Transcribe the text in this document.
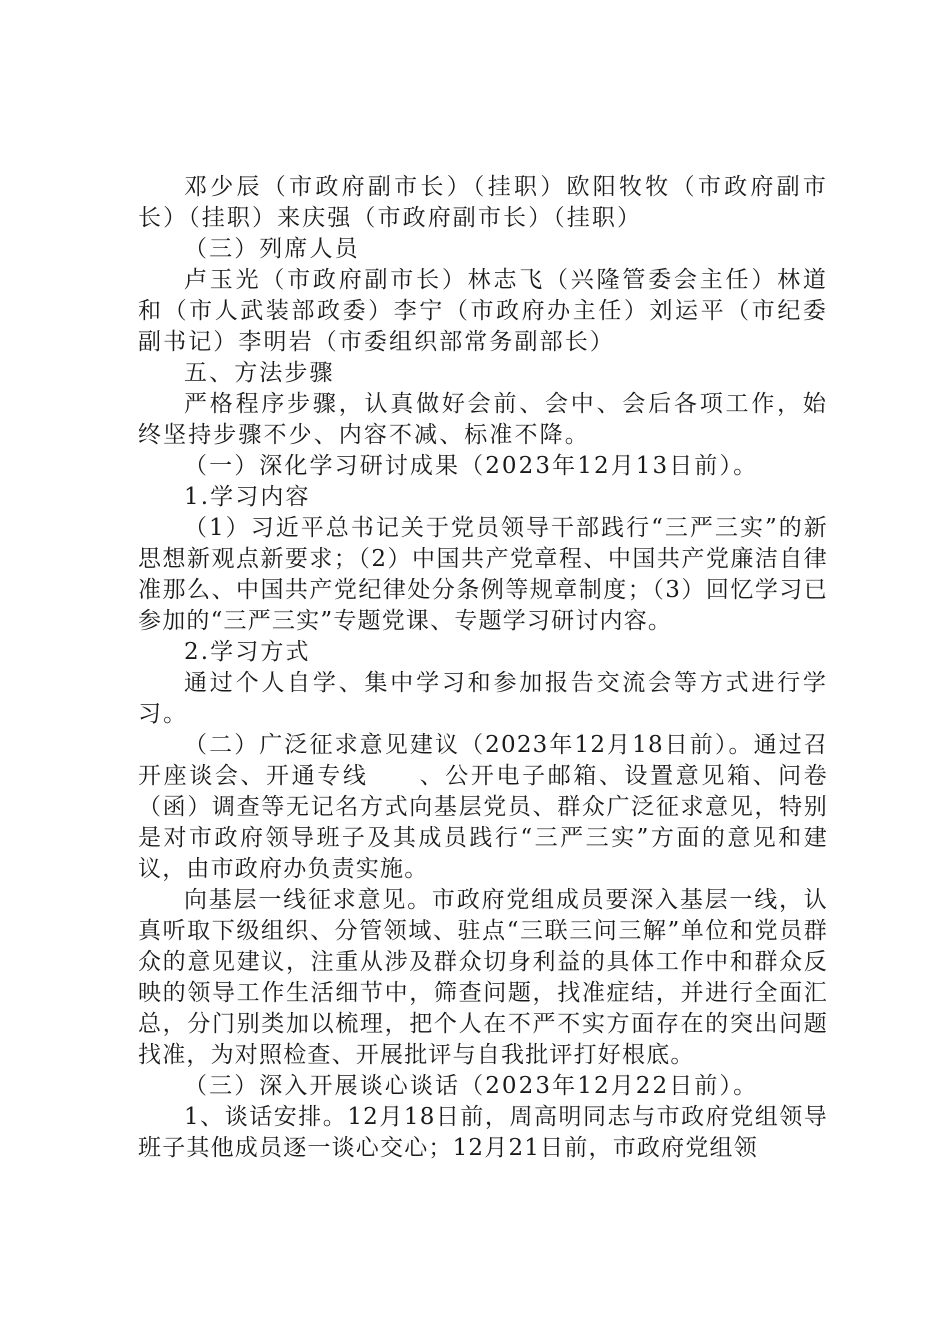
邓少辰（市政府副市长）（挂职）欧阳牧牧（市政府副市长）（挂职）来庆强（市政府副市长）（挂职）

（三）列席人员

卢玉光（市政府副市长）林志飞（兴隆管委会主任）林道和（市人武装部政委）李宁（市政府办主任）刘运平（市纪委副书记）李明岩（市委组织部常务副部长）

五、方法步骤

严格程序步骤，认真做好会前、会中、会后各项工作，始终坚持步骤不少、内容不减、标准不降。

（一）深化学习研讨成果（2023年12月13日前）。

1.学习内容

（1）习近平总书记关于党员领导干部践行“三严三实”的新思想新观点新要求；（2）中国共产党章程、中国共产党廉洁自律准那么、中国共产党纪律处分条例等规章制度；（3）回忆学习已参加的“三严三实”专题党课、专题学习研讨内容。

2.学习方式

通过个人自学、集中学习和参加报告交流会等方式进行学习。

（二）广泛征求意见建议（2023年12月18日前）。通过召开座谈会、开通专线　　、公开电子邮箱、设置意见箱、问卷（函）调查等无记名方式向基层党员、群众广泛征求意见，特别是对市政府领导班子及其成员践行“三严三实”方面的意见和建议，由市政府办负责实施。

向基层一线征求意见。市政府党组成员要深入基层一线，认真听取下级组织、分管领域、驻点“三联三问三解”单位和党员群众的意见建议，注重从涉及群众切身利益的具体工作中和群众反映的领导工作生活细节中，筛查问题，找准症结，并进行全面汇总，分门别类加以梳理，把个人在不严不实方面存在的突出问题找准，为对照检查、开展批评与自我批评打好根底。

（三）深入开展谈心谈话（2023年12月22日前）。

1、谈话安排。12月18日前，周高明同志与市政府党组领导班子其他成员逐一谈心交心；12月21日前，市政府党组领
